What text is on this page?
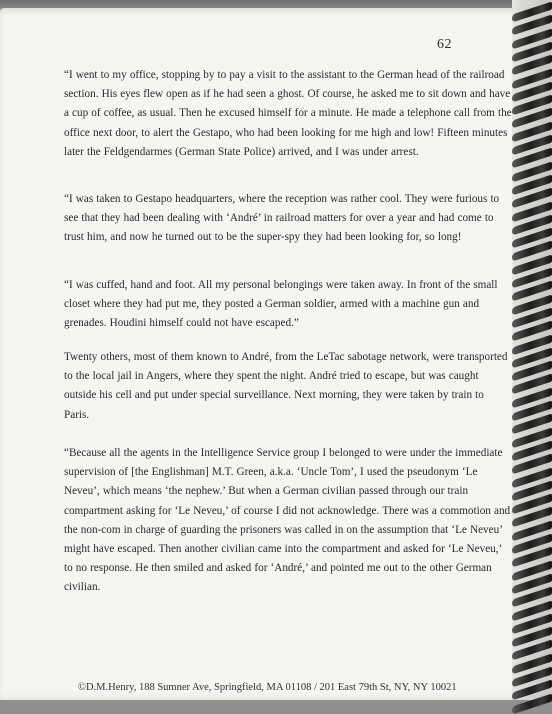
62

“I went to my office, stopping by to pay a visit to the assistant to the German head of the railroad section. His eyes flew open as if he had seen a ghost. Of course, he asked me to sit down and have a cup of coffee, as usual. Then he excused himself for a minute. He made a telephone call from the office next door, to alert the Gestapo, who had been looking for me high and low! Fifteen minutes later the Feldgendarmes (German State Police) arrived, and I was under arrest.

“I was taken to Gestapo headquarters, where the reception was rather cool. They were furious to see that they had been dealing with ‘André’ in railroad matters for over a year and had come to trust him, and now he turned out to be the super-spy they had been looking for, so long!

“I was cuffed, hand and foot. All my personal belongings were taken away. In front of the small closet where they had put me, they posted a German soldier, armed with a machine gun and grenades. Houdini himself could not have escaped.”

Twenty others, most of them known to André, from the LeTac sabotage network, were transported to the local jail in Angers, where they spent the night. André tried to escape, but was caught outside his cell and put under special surveillance. Next morning, they were taken by train to Paris.

“Because all the agents in the Intelligence Service group I belonged to were under the immediate supervision of [the Englishman] M.T. Green, a.k.a. ‘Uncle Tom’, I used the pseudonym ‘Le Neveu’, which means ‘the nephew.’ But when a German civilian passed through our train compartment asking for ‘Le Neveu,’ of course I did not acknowledge. There was a commotion and the non-com in charge of guarding the prisoners was called in on the assumption that ‘Le Neveu’ might have escaped. Then another civilian came into the compartment and asked for ‘Le Neveu,’ to no response. He then smiled and asked for ‘André,’ and pointed me out to the other German civilian.

©D.M.Henry, 188 Sumner Ave, Springfield, MA 01108 / 201 East 79th St, NY, NY 10021
